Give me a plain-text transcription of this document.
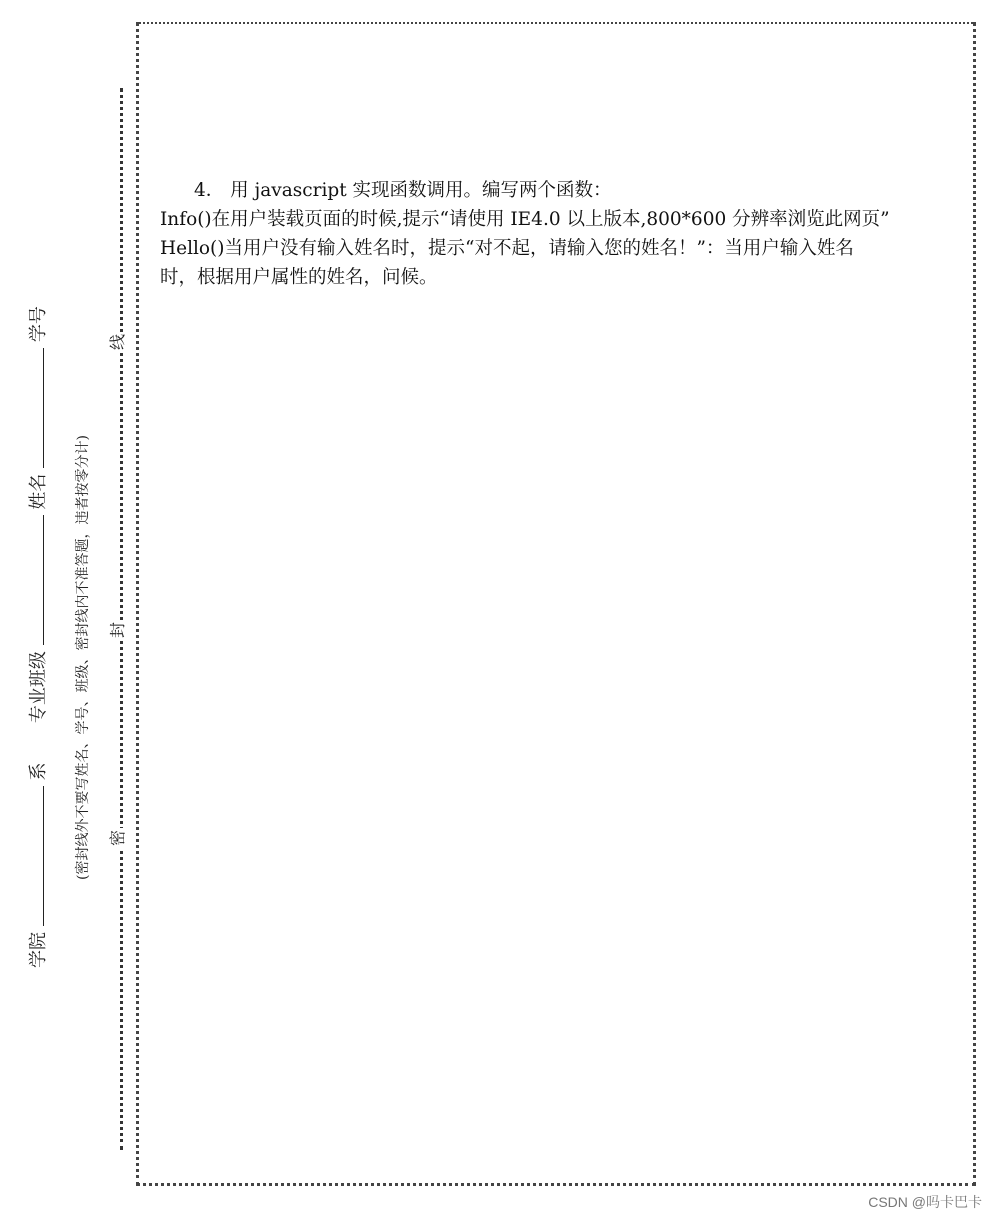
学院  系  专业班级  姓名  学号
(密封线外不要写姓名、学号、班级、密封线内不准答题，违者按零分计) 密
封
线

4． 用 javascript 实现函数调用。编写两个函数：

Info()在用户装载页面的时候,提示“请使用 IE4.0 以上版本,800*600 分辨率浏览此网页”

Hello()当用户没有输入姓名时，提示“对不起，请输入您的姓名！”：当用户输入姓名

时，根据用户属性的姓名，问候。

CSDN @吗卡巴卡
